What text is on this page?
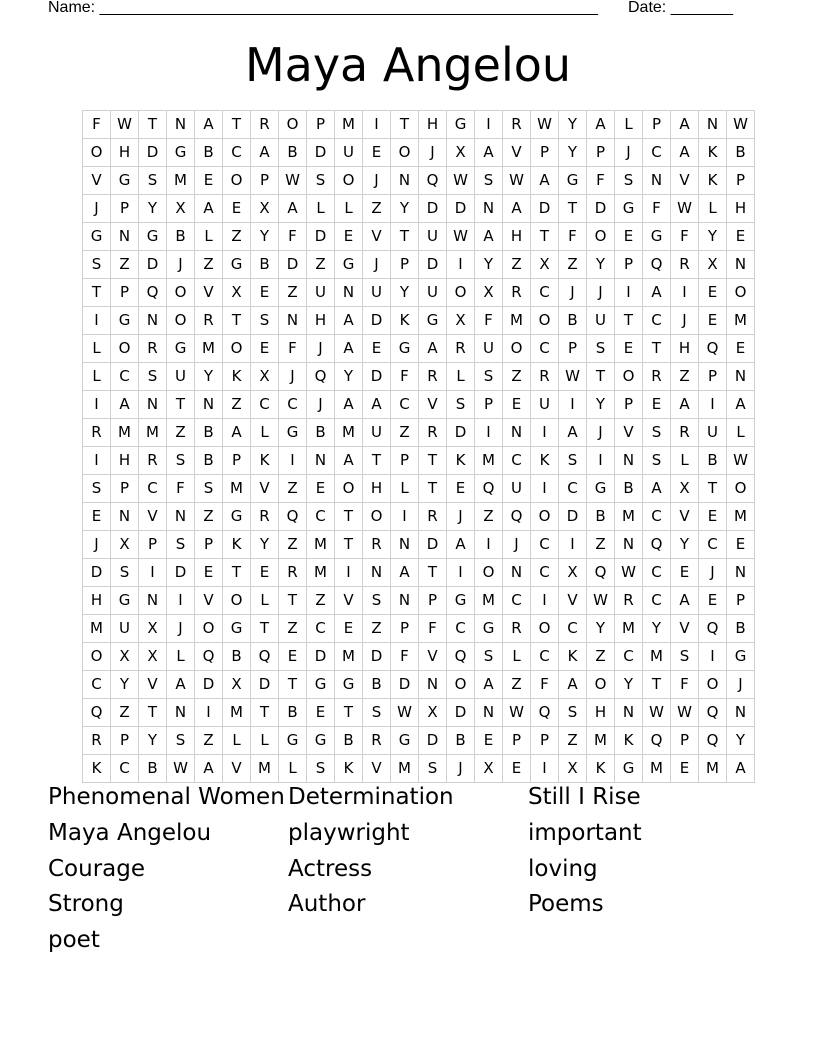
Name: ________________________________________________________ Date: _______
Maya Angelou
F	W	T	N	A	T	R	O	P	M	I	T	H	G	I	R	W	Y	A	L	P	A	N	W
O	H	D	G	B	C	A	B	D	U	E	O	J	X	A	V	P	Y	P	J	C	A	K	B
V	G	S	M	E	O	P	W	S	O	J	N	Q	W	S	W	A	G	F	S	N	V	K	P
J	P	Y	X	A	E	X	A	L	L	Z	Y	D	D	N	A	D	T	D	G	F	W	L	H
G	N	G	B	L	Z	Y	F	D	E	V	T	U	W	A	H	T	F	O	E	G	F	Y	E
S	Z	D	J	Z	G	B	D	Z	G	J	P	D	I	Y	Z	X	Z	Y	P	Q	R	X	N
T	P	Q	O	V	X	E	Z	U	N	U	Y	U	O	X	R	C	J	J	I	A	I	E	O
I	G	N	O	R	T	S	N	H	A	D	K	G	X	F	M	O	B	U	T	C	J	E	M
L	O	R	G	M	O	E	F	J	A	E	G	A	R	U	O	C	P	S	E	T	H	Q	E
L	C	S	U	Y	K	X	J	Q	Y	D	F	R	L	S	Z	R	W	T	O	R	Z	P	N
I	A	N	T	N	Z	C	C	J	A	A	C	V	S	P	E	U	I	Y	P	E	A	I	A
R	M	M	Z	B	A	L	G	B	M	U	Z	R	D	I	N	I	A	J	V	S	R	U	L
I	H	R	S	B	P	K	I	N	A	T	P	T	K	M	C	K	S	I	N	S	L	B	W
S	P	C	F	S	M	V	Z	E	O	H	L	T	E	Q	U	I	C	G	B	A	X	T	O
E	N	V	N	Z	G	R	Q	C	T	O	I	R	J	Z	Q	O	D	B	M	C	V	E	M
J	X	P	S	P	K	Y	Z	M	T	R	N	D	A	I	J	C	I	Z	N	Q	Y	C	E
D	S	I	D	E	T	E	R	M	I	N	A	T	I	O	N	C	X	Q	W	C	E	J	N
H	G	N	I	V	O	L	T	Z	V	S	N	P	G	M	C	I	V	W	R	C	A	E	P
M	U	X	J	O	G	T	Z	C	E	Z	P	F	C	G	R	O	C	Y	M	Y	V	Q	B
O	X	X	L	Q	B	Q	E	D	M	D	F	V	Q	S	L	C	K	Z	C	M	S	I	G
C	Y	V	A	D	X	D	T	G	G	B	D	N	O	A	Z	F	A	O	Y	T	F	O	J
Q	Z	T	N	I	M	T	B	E	T	S	W	X	D	N	W	Q	S	H	N	W	W	Q	N
R	P	Y	S	Z	L	L	G	G	B	R	G	D	B	E	P	P	Z	M	K	Q	P	Q	Y
K	C	B	W	A	V	M	L	S	K	V	M	S	J	X	E	I	X	K	G	M	E	M	A
Phenomenal Women
Maya Angelou
Courage
Strong
poet
Determination
playwright
Actress
Author
Still I Rise
important
loving
Poems
